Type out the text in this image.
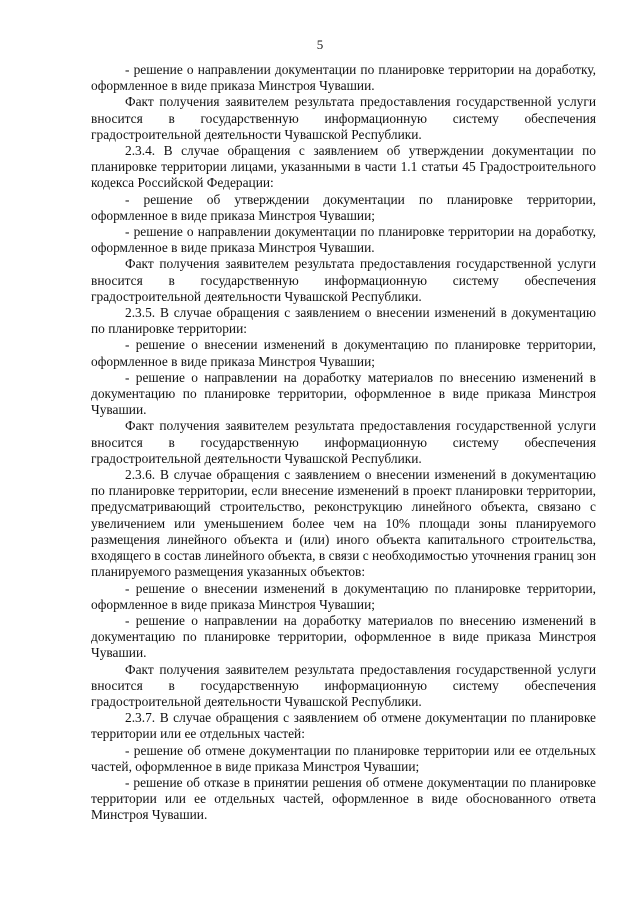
5

- решение о направлении документации по планировке территории на доработку, оформленное в виде приказа Минстроя Чувашии.

Факт получения заявителем результата предоставления государственной услуги вносится в государственную информационную систему обеспечения градостроительной деятельности Чувашской Республики.

2.3.4. В случае обращения с заявлением об утверждении документации по планировке территории лицами, указанными в части 1.1 статьи 45 Градостроительного кодекса Российской Федерации:

- решение об утверждении документации по планировке территории, оформленное в виде приказа Минстроя Чувашии;

- решение о направлении документации по планировке территории на доработку, оформленное в виде приказа Минстроя Чувашии.

Факт получения заявителем результата предоставления государственной услуги вносится в государственную информационную систему обеспечения градостроительной деятельности Чувашской Республики.

2.3.5. В случае обращения с заявлением о внесении изменений в документацию по планировке территории:

- решение о внесении изменений в документацию по планировке территории, оформленное в виде приказа Минстроя Чувашии;

- решение о направлении на доработку материалов по внесению изменений в документацию по планировке территории, оформленное в виде приказа Минстроя Чувашии.

Факт получения заявителем результата предоставления государственной услуги вносится в государственную информационную систему обеспечения градостроительной деятельности Чувашской Республики.

2.3.6. В случае обращения с заявлением о внесении изменений в документацию по планировке территории, если внесение изменений в проект планировки территории, предусматривающий строительство, реконструкцию линейного объекта, связано с увеличением или уменьшением более чем на 10% площади зоны планируемого размещения линейного объекта и (или) иного объекта капитального строительства, входящего в состав линейного объекта, в связи с необходимостью уточнения границ зон планируемого размещения указанных объектов:

- решение о внесении изменений в документацию по планировке территории, оформленное в виде приказа Минстроя Чувашии;

- решение о направлении на доработку материалов по внесению изменений в документацию по планировке территории, оформленное в виде приказа Минстроя Чувашии.

Факт получения заявителем результата предоставления государственной услуги вносится в государственную информационную систему обеспечения градостроительной деятельности Чувашской Республики.

2.3.7. В случае обращения с заявлением об отмене документации по планировке территории или ее отдельных частей:

- решение об отмене документации по планировке территории или ее отдельных частей, оформленное в виде приказа Минстроя Чувашии;

- решение об отказе в принятии решения об отмене документации по планировке территории или ее отдельных частей, оформленное в виде обоснованного ответа Минстроя Чувашии.
